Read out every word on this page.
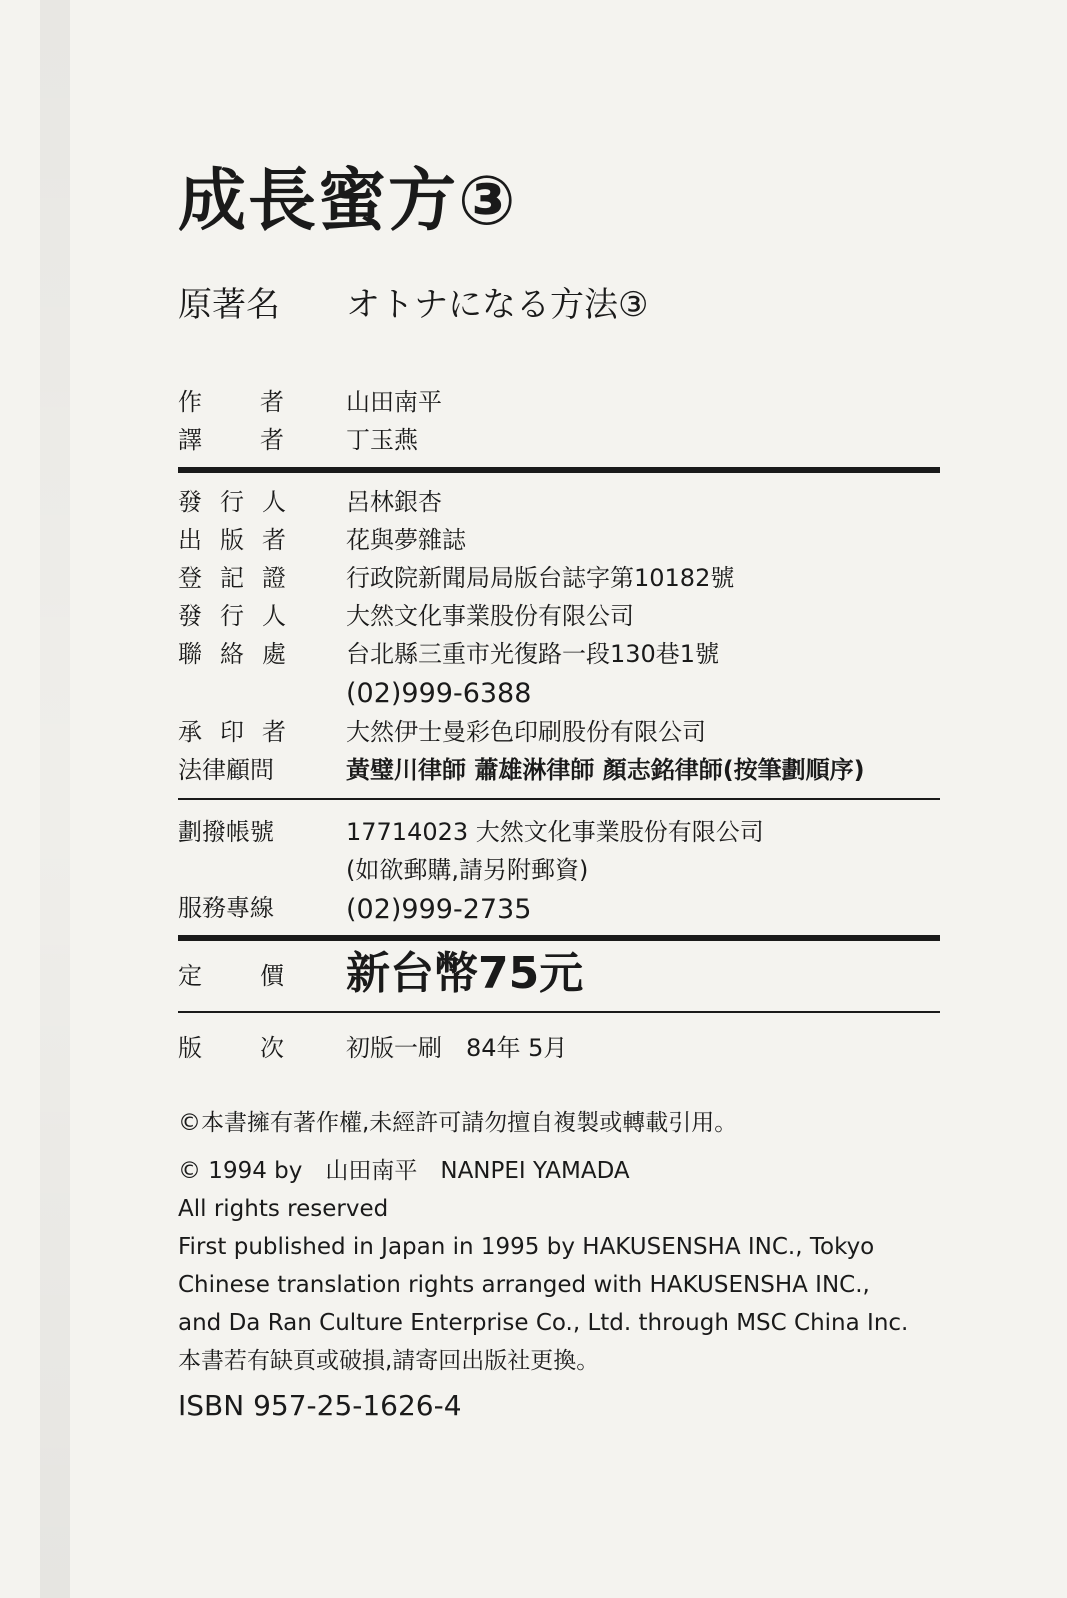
成長蜜方③
原著名 オトナになる方法③
作者 山田南平
譯者 丁玉燕
發行人 呂林銀杏
出版者 花與夢雜誌
登記證 行政院新聞局局版台誌字第10182號
發行人 大然文化事業股份有限公司
聯絡處 台北縣三重市光復路一段130巷1號
(02)999-6388
承印者 大然伊士曼彩色印刷股份有限公司
法律顧問	黃璧川律師 蕭雄淋律師 顏志銘律師(按筆劃順序)
劃撥帳號	17714023 大然文化事業股份有限公司
(如欲郵購,請另附郵資)
服務專線	(02)999-2735
定價 新台幣75元
版次 初版一刷　84年 5月
©本書擁有著作權,未經許可請勿擅自複製或轉載引用。
© 1994 by　山田南平　NANPEI YAMADA
All rights reserved
First published in Japan in 1995 by HAKUSENSHA INC., Tokyo
Chinese translation rights arranged with HAKUSENSHA INC.,
and Da Ran Culture Enterprise Co., Ltd. through MSC China Inc.
本書若有缺頁或破損,請寄回出版社更換。
ISBN 957-25-1626-4
